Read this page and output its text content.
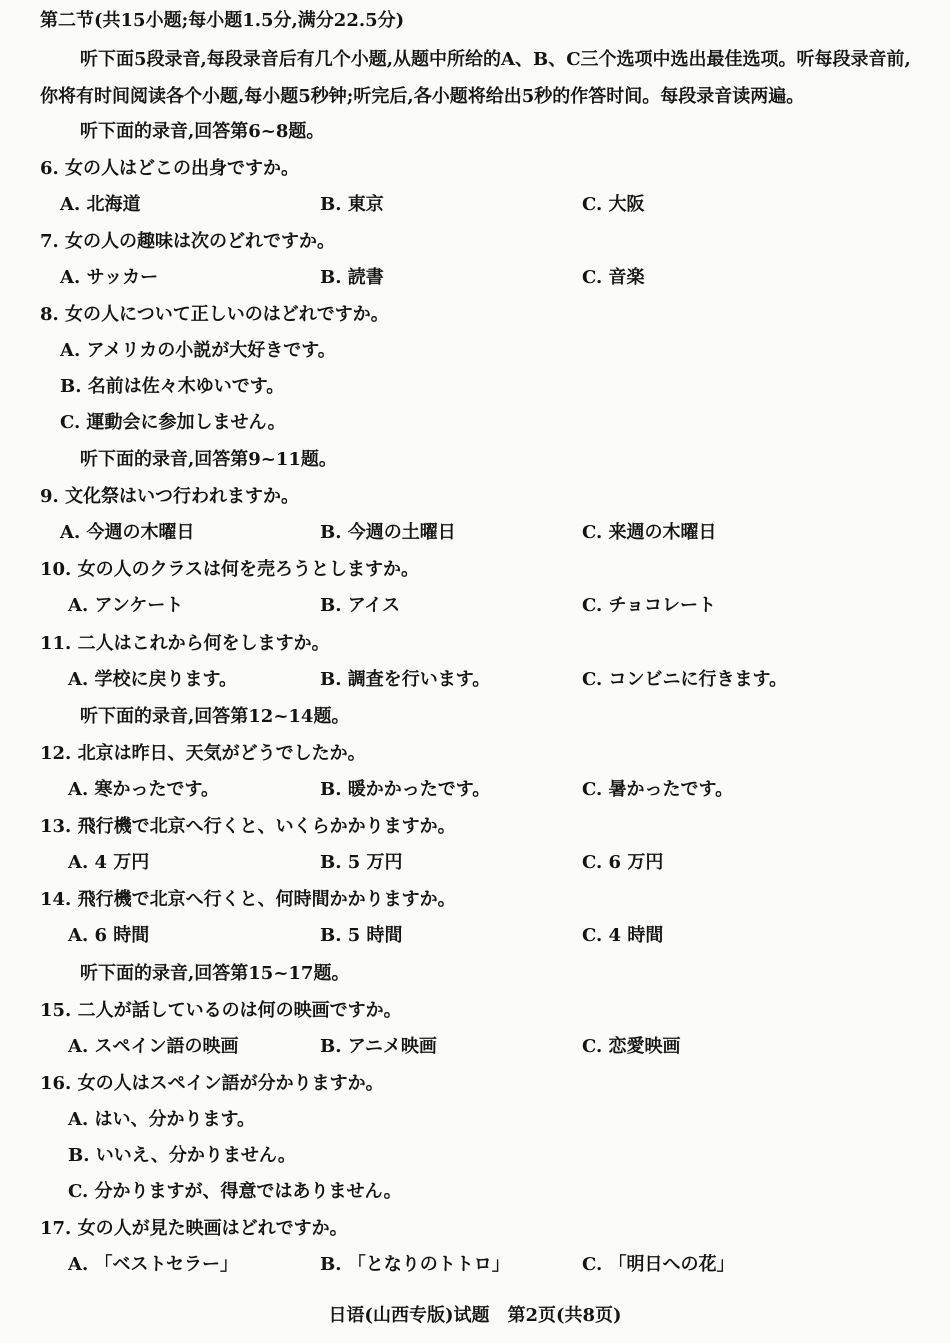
第二节(共15小题;每小题1.5分,满分22.5分)
听下面5段录音,每段录音后有几个小题,从题中所给的A、B、C三个选项中选出最佳选项。听每段录音前,你将有时间阅读各个小题,每小题5秒钟;听完后,各小题将给出5秒的作答时间。每段录音读两遍。
听下面的录音,回答第6~8题。
6. 女の人はどこの出身ですか。
A. 北海道	B. 東京	C. 大阪
7. 女の人の趣味は次のどれですか。
A. サッカー	B. 読書	C. 音楽
8. 女の人について正しいのはどれですか。
A. アメリカの小説が大好きです。
B. 名前は佐々木ゆいです。
C. 運動会に参加しません。
听下面的录音,回答第9~11题。
9. 文化祭はいつ行われますか。
A. 今週の木曜日	B. 今週の土曜日	C. 来週の木曜日
10. 女の人のクラスは何を売ろうとしますか。
A. アンケート	B. アイス	C. チョコレート
11. 二人はこれから何をしますか。
A. 学校に戻ります。	B. 調査を行います。	C. コンビニに行きます。
听下面的录音,回答第12~14题。
12. 北京は昨日、天気がどうでしたか。
A. 寒かったです。	B. 暖かかったです。	C. 暑かったです。
13. 飛行機で北京へ行くと、いくらかかりますか。
A. 4 万円	B. 5 万円	C. 6 万円
14. 飛行機で北京へ行くと、何時間かかりますか。
A. 6 時間	B. 5 時間	C. 4 時間
听下面的录音,回答第15~17题。
15. 二人が話しているのは何の映画ですか。
A. スペイン語の映画	B. アニメ映画	C. 恋愛映画
16. 女の人はスペイン語が分かりますか。
A. はい、分かります。
B. いいえ、分かりません。
C. 分かりますが、得意ではありません。
17. 女の人が見た映画はどれですか。
A. 「ベストセラー」	B. 「となりのトトロ」	C. 「明日への花」
日语(山西专版)试题　第2页(共8页)
